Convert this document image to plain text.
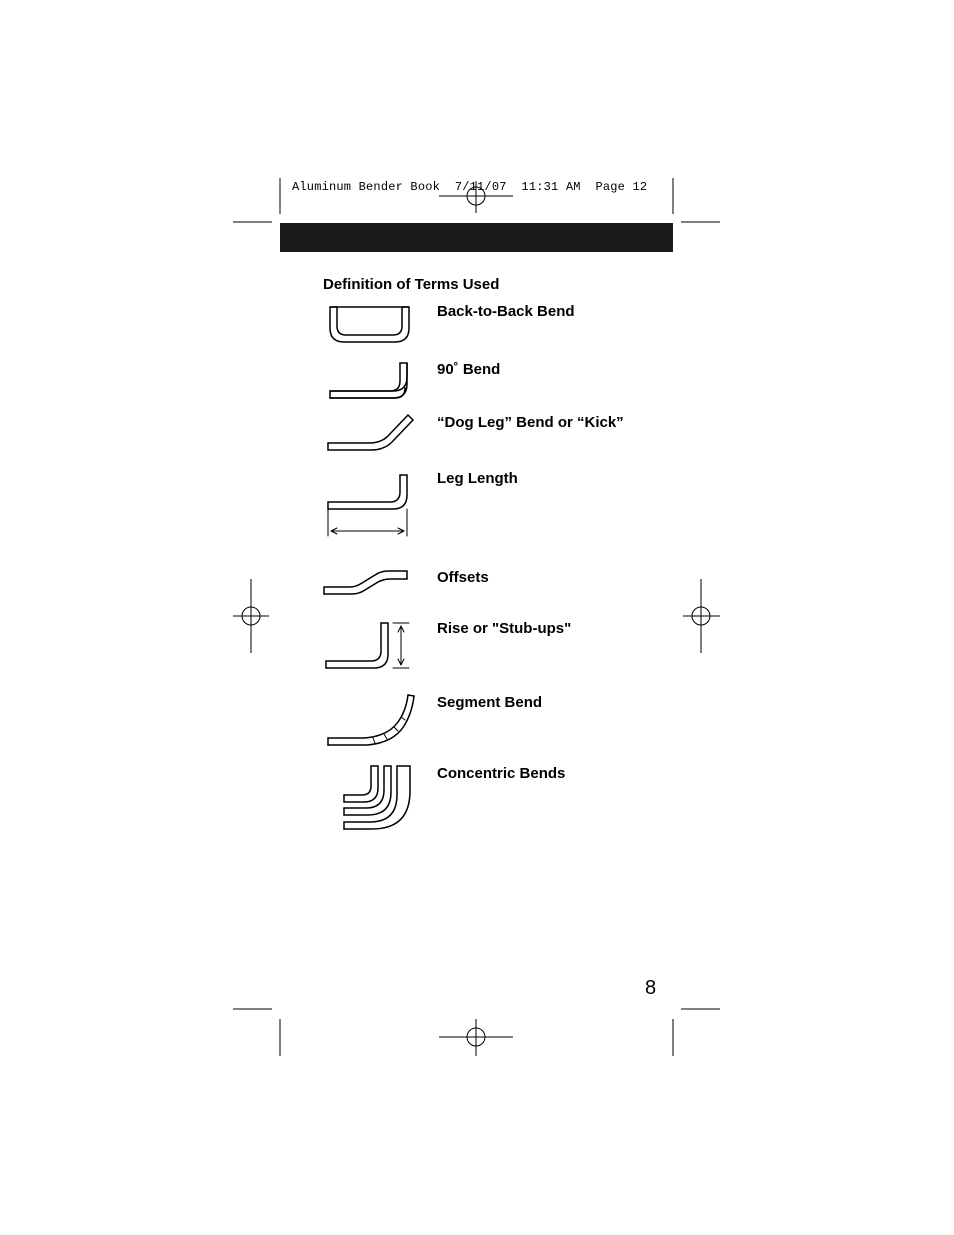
Aluminum Bender Book  7/11/07  11:31 AM  Page 12
Definition of Terms Used
Back-to-Back Bend
90˚ Bend
“Dog Leg” Bend or “Kick”
Leg Length
Offsets
Rise or "Stub-ups"
Segment Bend
Concentric Bends
8
